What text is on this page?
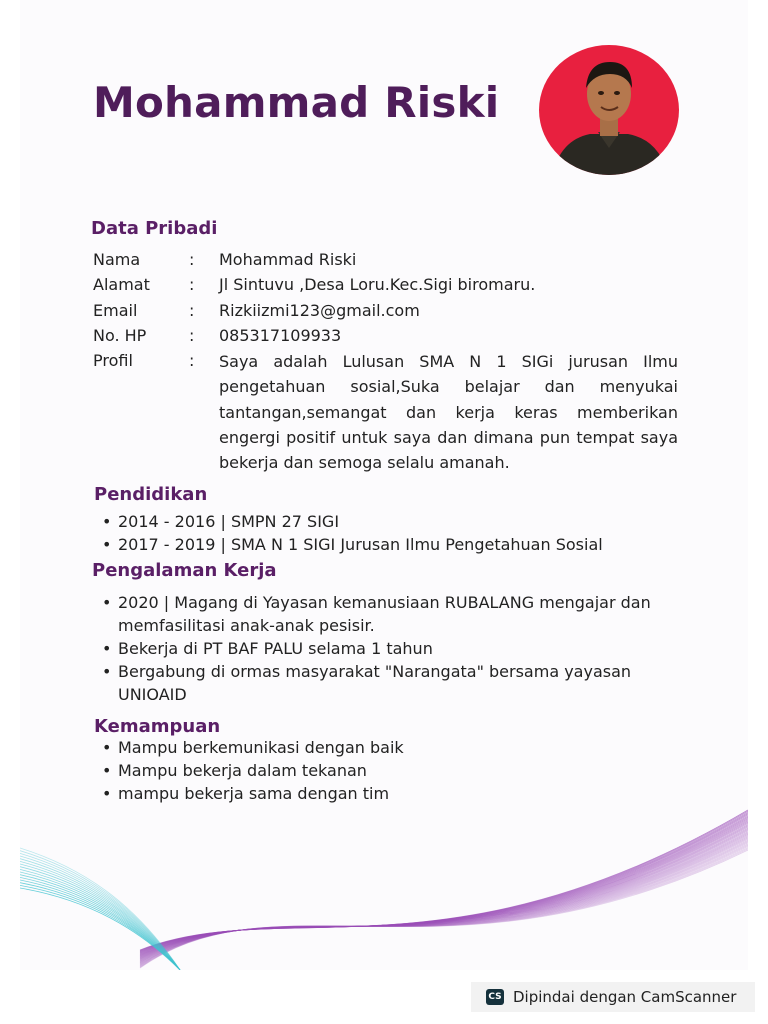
Mohammad Riski
Data Pribadi
Nama	: Mohammad Riski
Alamat : Jl Sintuvu ,Desa Loru.Kec.Sigi biromaru.
Email	: Rizkiizmi123@gmail.com
No. HP	: 085317109933
Profil	: Saya adalah Lulusan SMA N 1 SIGi jurusan Ilmu pengetahuan sosial,Suka belajar dan menyukai tantangan,semangat dan kerja keras memberikan engergi positif untuk saya dan dimana pun tempat saya bekerja dan semoga selalu amanah.
Pendidikan
• 2014 - 2016 | SMPN 27 SIGI
• 2017 - 2019 | SMA N 1 SIGI Jurusan Ilmu Pengetahuan Sosial
Pengalaman Kerja
• 2020 | Magang di Yayasan kemanusiaan RUBALANG mengajar dan memfasilitasi anak-anak pesisir.
• Bekerja di PT BAF PALU selama 1 tahun
• Bergabung di ormas masyarakat "Narangata" bersama yayasan UNIOAID
Kemampuan
• Mampu berkemunikasi dengan baik
• Mampu bekerja dalam tekanan
• mampu bekerja sama dengan tim
CS Dipindai dengan CamScanner
